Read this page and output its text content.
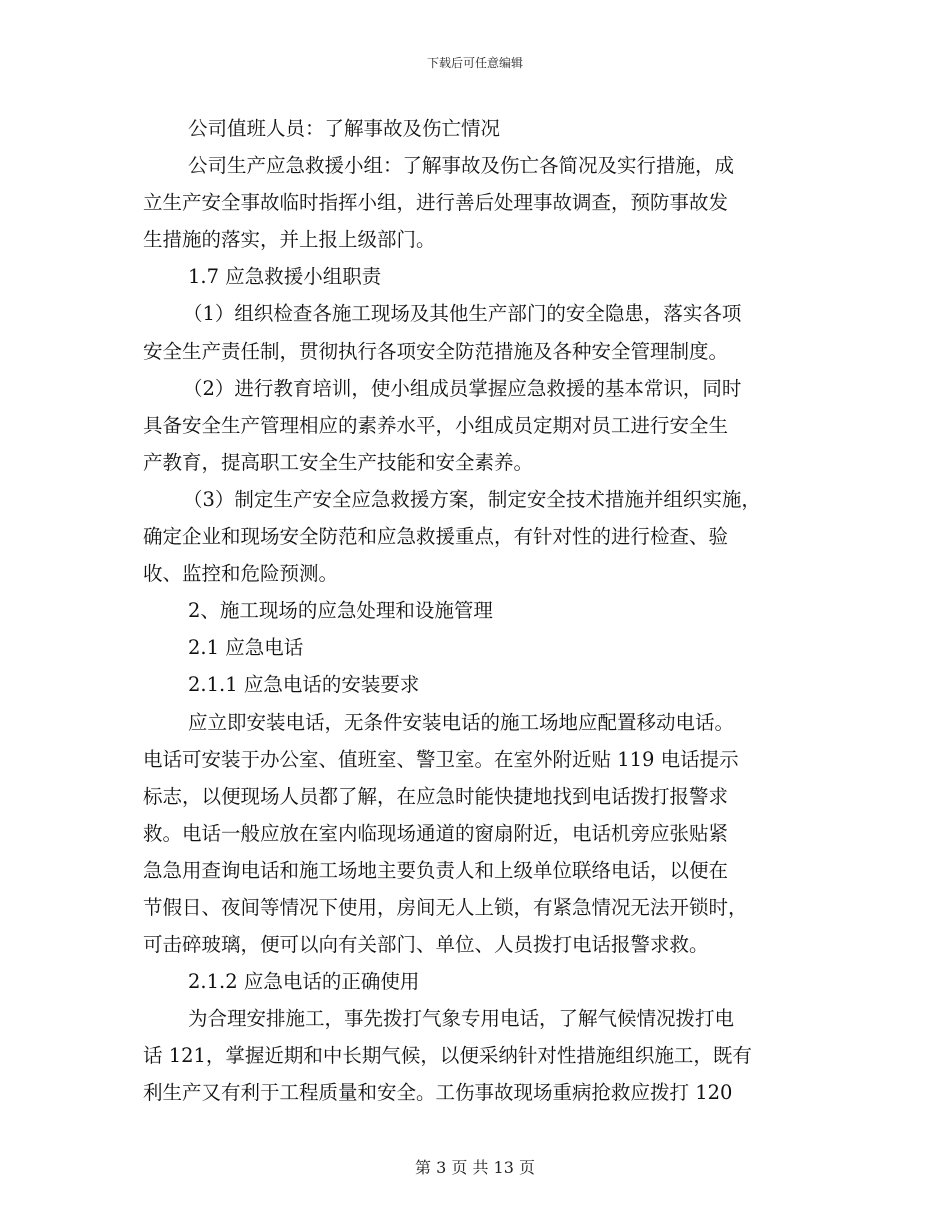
下载后可任意编辑
公司值班人员：了解事故及伤亡情况
公司生产应急救援小组：了解事故及伤亡各简况及实行措施，成
立生产安全事故临时指挥小组，进行善后处理事故调查，预防事故发
生措施的落实，并上报上级部门。
1.7 应急救援小组职责
（1）组织检查各施工现场及其他生产部门的安全隐患，落实各项
安全生产责任制，贯彻执行各项安全防范措施及各种安全管理制度。
（2）进行教育培训，使小组成员掌握应急救援的基本常识，同时
具备安全生产管理相应的素养水平，小组成员定期对员工进行安全生
产教育，提高职工安全生产技能和安全素养。
（3）制定生产安全应急救援方案，制定安全技术措施并组织实施，
确定企业和现场安全防范和应急救援重点，有针对性的进行检查、验
收、监控和危险预测。
2、施工现场的应急处理和设施管理
2.1 应急电话
2.1.1 应急电话的安装要求
应立即安装电话，无条件安装电话的施工场地应配置移动电话。
电话可安装于办公室、值班室、警卫室。在室外附近贴 119 电话提示
标志，以便现场人员都了解，在应急时能快捷地找到电话拨打报警求
救。电话一般应放在室内临现场通道的窗扇附近，电话机旁应张贴紧
急急用查询电话和施工场地主要负责人和上级单位联络电话，以便在
节假日、夜间等情况下使用，房间无人上锁，有紧急情况无法开锁时，
可击碎玻璃，便可以向有关部门、单位、人员拨打电话报警求救。
2.1.2 应急电话的正确使用
为合理安排施工，事先拨打气象专用电话，了解气候情况拨打电
话 121，掌握近期和中长期气候，以便采纳针对性措施组织施工，既有
利生产又有利于工程质量和安全。工伤事故现场重病抢救应拨打 120
第 3 页 共 13 页
